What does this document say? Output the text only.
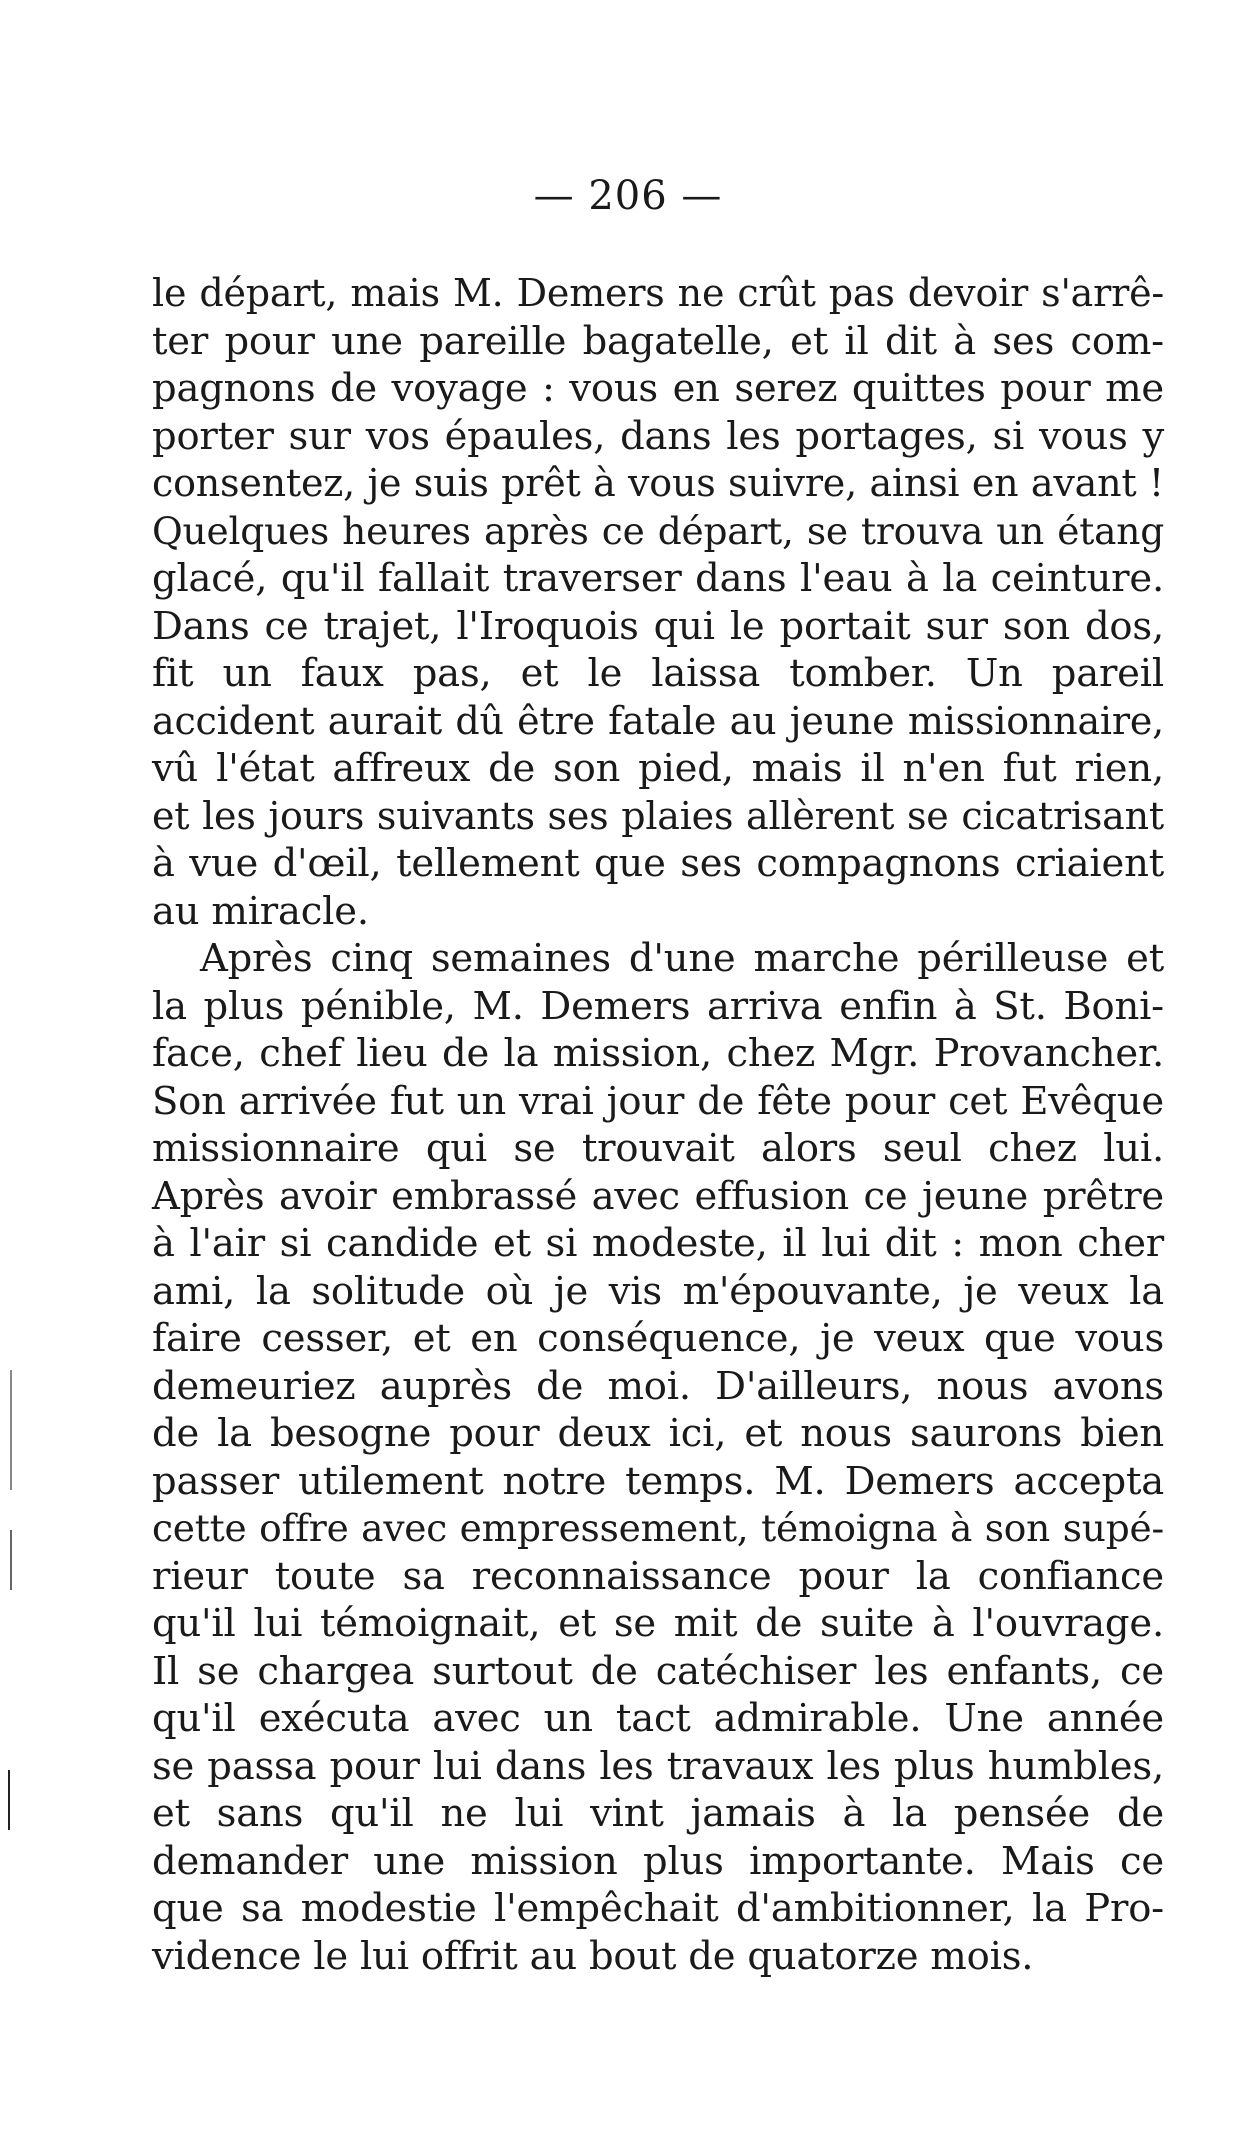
— 206 —
le départ, mais M. Demers ne crût pas devoir s'arrê-
ter pour une pareille bagatelle, et il dit à ses com-
pagnons de voyage : vous en serez quittes pour me
porter sur vos épaules, dans les portages, si vous y
consentez, je suis prêt à vous suivre, ainsi en avant !
Quelques heures après ce départ, se trouva un étang
glacé, qu'il fallait traverser dans l'eau à la ceinture.
Dans ce trajet, l'Iroquois qui le portait sur son dos,
fit un faux pas, et le laissa tomber. Un pareil
accident aurait dû être fatale au jeune missionnaire,
vû l'état affreux de son pied, mais il n'en fut rien,
et les jours suivants ses plaies allèrent se cicatrisant
à vue d'œil, tellement que ses compagnons criaient
au miracle.
Après cinq semaines d'une marche périlleuse et
la plus pénible, M. Demers arriva enfin à St. Boni-
face, chef lieu de la mission, chez Mgr. Provancher.
Son arrivée fut un vrai jour de fête pour cet Evêque
missionnaire qui se trouvait alors seul chez lui.
Après avoir embrassé avec effusion ce jeune prêtre
à l'air si candide et si modeste, il lui dit : mon cher
ami, la solitude où je vis m'épouvante, je veux la
faire cesser, et en conséquence, je veux que vous
demeuriez auprès de moi. D'ailleurs, nous avons
de la besogne pour deux ici, et nous saurons bien
passer utilement notre temps. M. Demers accepta
cette offre avec empressement, témoigna à son supé-
rieur toute sa reconnaissance pour la confiance
qu'il lui témoignait, et se mit de suite à l'ouvrage.
Il se chargea surtout de catéchiser les enfants, ce
qu'il exécuta avec un tact admirable. Une année
se passa pour lui dans les travaux les plus humbles,
et sans qu'il ne lui vint jamais à la pensée de
demander une mission plus importante. Mais ce
que sa modestie l'empêchait d'ambitionner, la Pro-
vidence le lui offrit au bout de quatorze mois.
